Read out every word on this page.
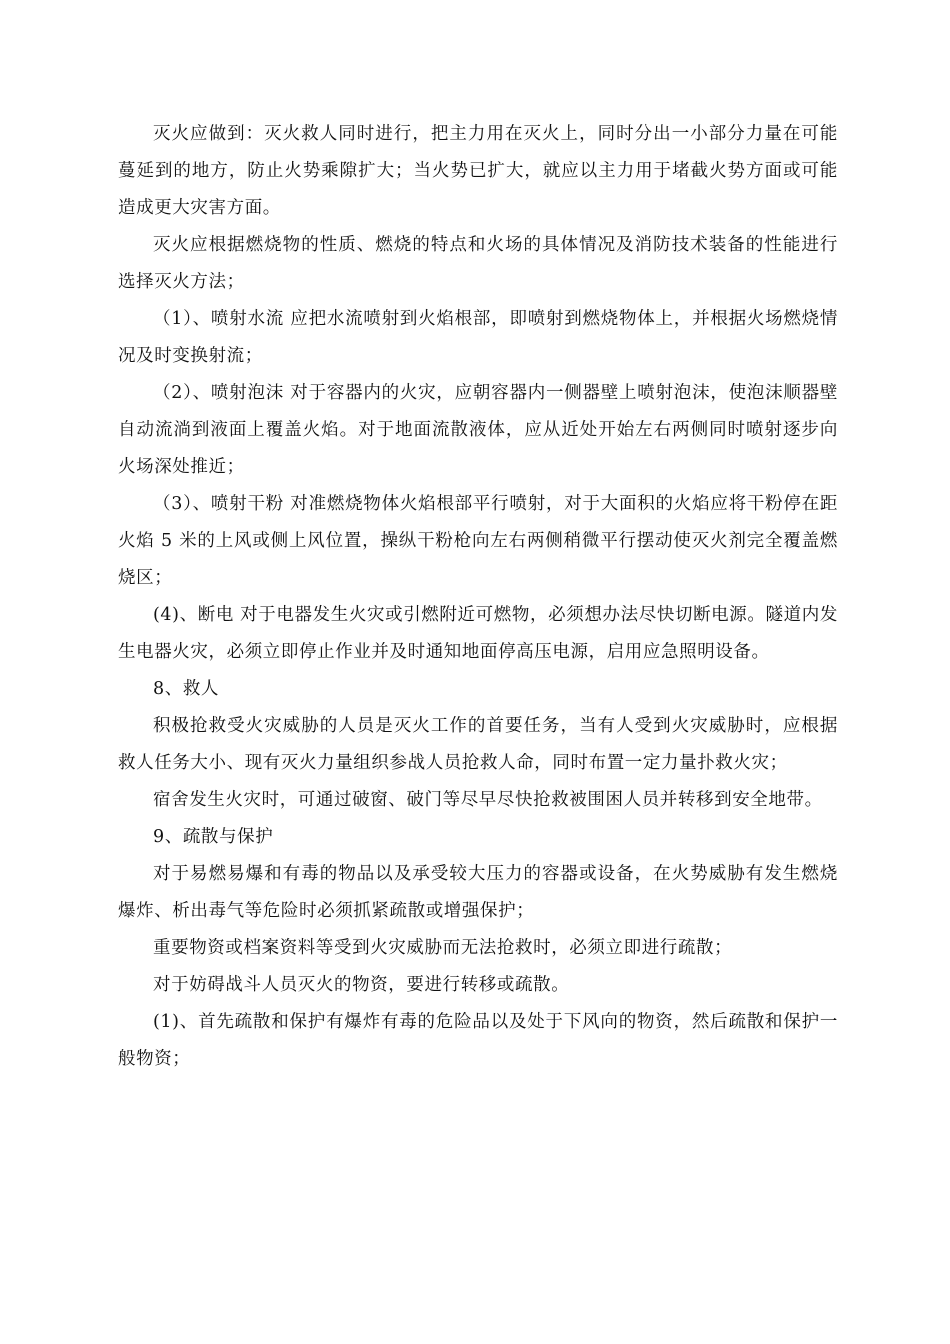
灭火应做到：灭火救人同时进行，把主力用在灭火上，同时分出一小部分力量在可能蔓延到的地方，防止火势乘隙扩大；当火势已扩大，就应以主力用于堵截火势方面或可能造成更大灾害方面。

灭火应根据燃烧物的性质、燃烧的特点和火场的具体情况及消防技术装备的性能进行选择灭火方法；

（1）、喷射水流 应把水流喷射到火焰根部，即喷射到燃烧物体上，并根据火场燃烧情况及时变换射流；

（2）、喷射泡沫 对于容器内的火灾，应朝容器内一侧器壁上喷射泡沫，使泡沫顺器壁自动流淌到液面上覆盖火焰。对于地面流散液体，应从近处开始左右两侧同时喷射逐步向火场深处推近；

（3）、喷射干粉 对准燃烧物体火焰根部平行喷射，对于大面积的火焰应将干粉停在距火焰 5 米的上风或侧上风位置，操纵干粉枪向左右两侧稍微平行摆动使灭火剂完全覆盖燃烧区；

(4)、断电 对于电器发生火灾或引燃附近可燃物，必须想办法尽快切断电源。隧道内发生电器火灾，必须立即停止作业并及时通知地面停高压电源，启用应急照明设备。

8、救人

积极抢救受火灾威胁的人员是灭火工作的首要任务，当有人受到火灾威胁时，应根据救人任务大小、现有灭火力量组织参战人员抢救人命，同时布置一定力量扑救火灾；

宿舍发生火灾时，可通过破窗、破门等尽早尽快抢救被围困人员并转移到安全地带。

9、疏散与保护

对于易燃易爆和有毒的物品以及承受较大压力的容器或设备，在火势威胁有发生燃烧爆炸、析出毒气等危险时必须抓紧疏散或增强保护；

重要物资或档案资料等受到火灾威胁而无法抢救时，必须立即进行疏散；

对于妨碍战斗人员灭火的物资，要进行转移或疏散。

(1)、首先疏散和保护有爆炸有毒的危险品以及处于下风向的物资，然后疏散和保护一般物资；
